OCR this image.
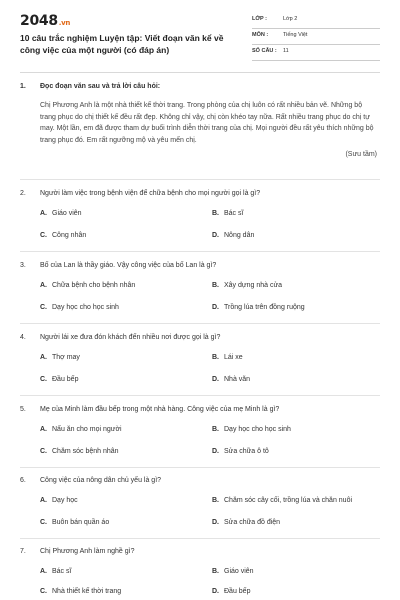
2048.vn
10 câu trắc nghiệm Luyện tập: Viết đoạn văn kể về công việc của một người (có đáp án)
LỚP :	Lớp 2
MÔN :	Tiếng Việt
SỐ CÂU : 11
1.	Đọc đoạn văn sau và trả lời câu hỏi:
Chị Phương Anh là một nhà thiết kế thời trang. Trong phòng của chị luôn có rất nhiều bản vẽ. Những bộ trang phục do chị thiết kế đều rất đẹp. Không chỉ vậy, chị còn khéo tay nữa. Rất nhiều trang phục do chị tự may. Một lần, em đã được tham dự buổi trình diễn thời trang của chị. Mọi người đều rất yêu thích những bộ trang phục đó. Em rất ngưỡng mộ và yêu mến chị.
(Sưu tầm)
2.	Người làm việc trong bệnh viện để chữa bệnh cho mọi người gọi là gì?
A. Giáo viên	B. Bác sĩ
C. Công nhân	D. Nông dân
3.	Bố của Lan là thầy giáo. Vậy công việc của bố Lan là gì?
A. Chữa bệnh cho bệnh nhân	B. Xây dựng nhà cửa
C. Dạy học cho học sinh	D. Trồng lúa trên đồng ruộng
4.	Người lái xe đưa đón khách đến nhiều nơi được gọi là gì?
A. Thợ may	B. Lái xe
C. Đầu bếp	D. Nhà văn
5.	Mẹ của Minh làm đầu bếp trong một nhà hàng. Công việc của mẹ Minh là gì?
A. Nấu ăn cho mọi người	B. Dạy học cho học sinh
C. Chăm sóc bệnh nhân	D. Sửa chữa ô tô
6.	Công việc của nông dân chủ yếu là gì?
A. Dạy học	B. Chăm sóc cây cối, trồng lúa và chăn nuôi
C. Buôn bán quần áo	D. Sửa chữa đồ điện
7.	Chị Phương Anh làm nghề gì?
A. Bác sĩ	B. Giáo viên
C. Nhà thiết kế thời trang	D. Đầu bếp
